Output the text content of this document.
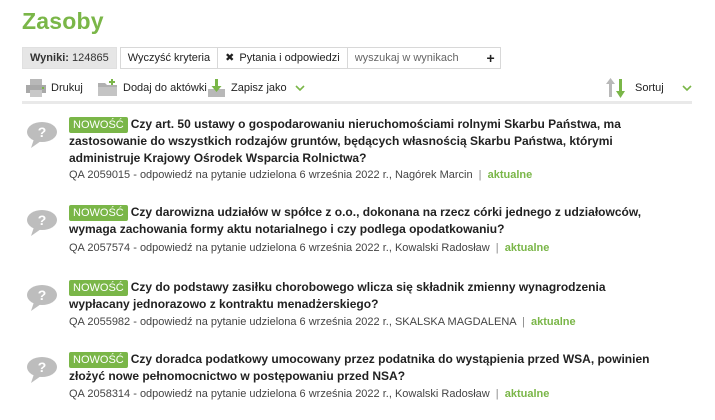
Zasoby
Wyniki: 124865	Wyczyść kryteria	✖ Pytania i odpowiedzi
wyszukaj w wynikach	+
Drukuj	Dodaj do aktówki Zapisz jako	Sortuj
?	NOWOŚĆ Czy art. 50 ustawy o gospodarowaniu nieruchomościami rolnymi Skarbu Państwa, ma zastosowanie do wszystkich rodzajów gruntów, będących własnością Skarbu Państwa, którymi administruje Krajowy Ośrodek Wsparcia Rolnictwa?
QA 2059015 - odpowiedź na pytanie udzielona 6 września 2022 r., Nagórek Marcin | aktualne
?	NOWOŚĆ Czy darowizna udziałów w spółce z o.o., dokonana na rzecz córki jednego z udziałowców, wymaga zachowania formy aktu notarialnego i czy podlega opodatkowaniu?
QA 2057574 - odpowiedź na pytanie udzielona 6 września 2022 r., Kowalski Radosław | aktualne
?	NOWOŚĆ Czy do podstawy zasiłku chorobowego wlicza się składnik zmienny wynagrodzenia wypłacany jednorazowo z kontraktu menadżerskiego?
QA 2055982 - odpowiedź na pytanie udzielona 6 września 2022 r., SKALSKA MAGDALENA | aktualne
?	NOWOŚĆ Czy doradca podatkowy umocowany przez podatnika do wystąpienia przed WSA, powinien złożyć nowe pełnomocnictwo w postępowaniu przed NSA?
QA 2058314 - odpowiedź na pytanie udzielona 6 września 2022 r., Kowalski Radosław | aktualne
